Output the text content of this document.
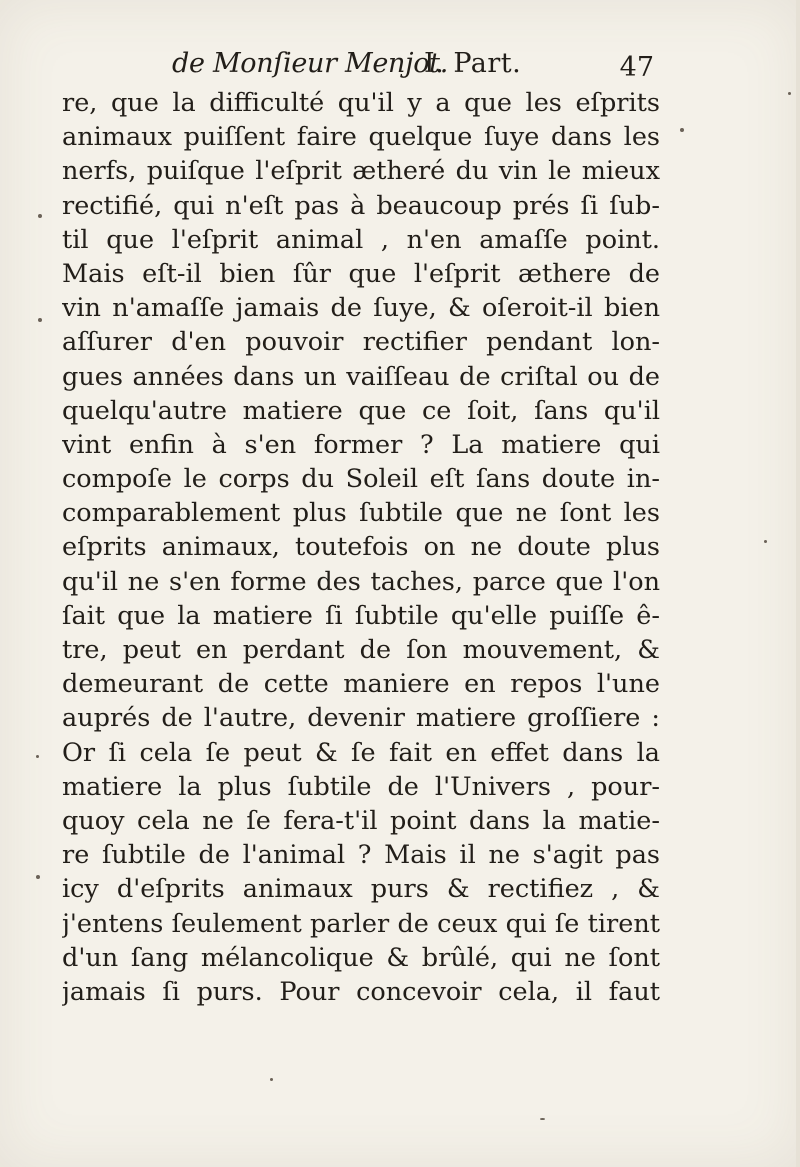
de Monſieur Menjot.
I. Part.	47
re, que la difficulté qu'il y a que les eſprits
animaux puiſſent faire quelque ſuye dans les
nerfs, puiſque l'eſprit ætheré du vin le mieux
rectifié, qui n'eſt pas à beaucoup prés ſi ſub-
til que l'eſprit animal , n'en amaſſe point.
Mais eſt-il bien ſûr que l'eſprit æthere de
vin n'amaſſe jamais de ſuye, & oſeroit-il bien
aſſurer d'en pouvoir rectifier pendant lon-
gues années dans un vaiſſeau de criſtal ou de
quelqu'autre matiere que ce ſoit, ſans qu'il
vint enfin à s'en former ? La matiere qui
compoſe le corps du Soleil eſt ſans doute in-
comparablement plus ſubtile que ne ſont les
eſprits animaux, toutefois on ne doute plus
qu'il ne s'en forme des taches, parce que l'on
ſait que la matiere ſi ſubtile qu'elle puiſſe ê-
tre, peut en perdant de ſon mouvement, &
demeurant de cette maniere en repos l'une
auprés de l'autre, devenir matiere groſſiere :
Or ſi cela ſe peut & ſe fait en effet dans la
matiere la plus ſubtile de l'Univers , pour-
quoy cela ne ſe fera-t'il point dans la matie-
re ſubtile de l'animal ? Mais il ne s'agit pas
icy d'eſprits animaux purs & rectifiez , &
j'entens ſeulement parler de ceux qui ſe tirent
d'un ſang mélancolique & brûlé, qui ne ſont
jamais ſi purs. Pour concevoir cela, il faut
